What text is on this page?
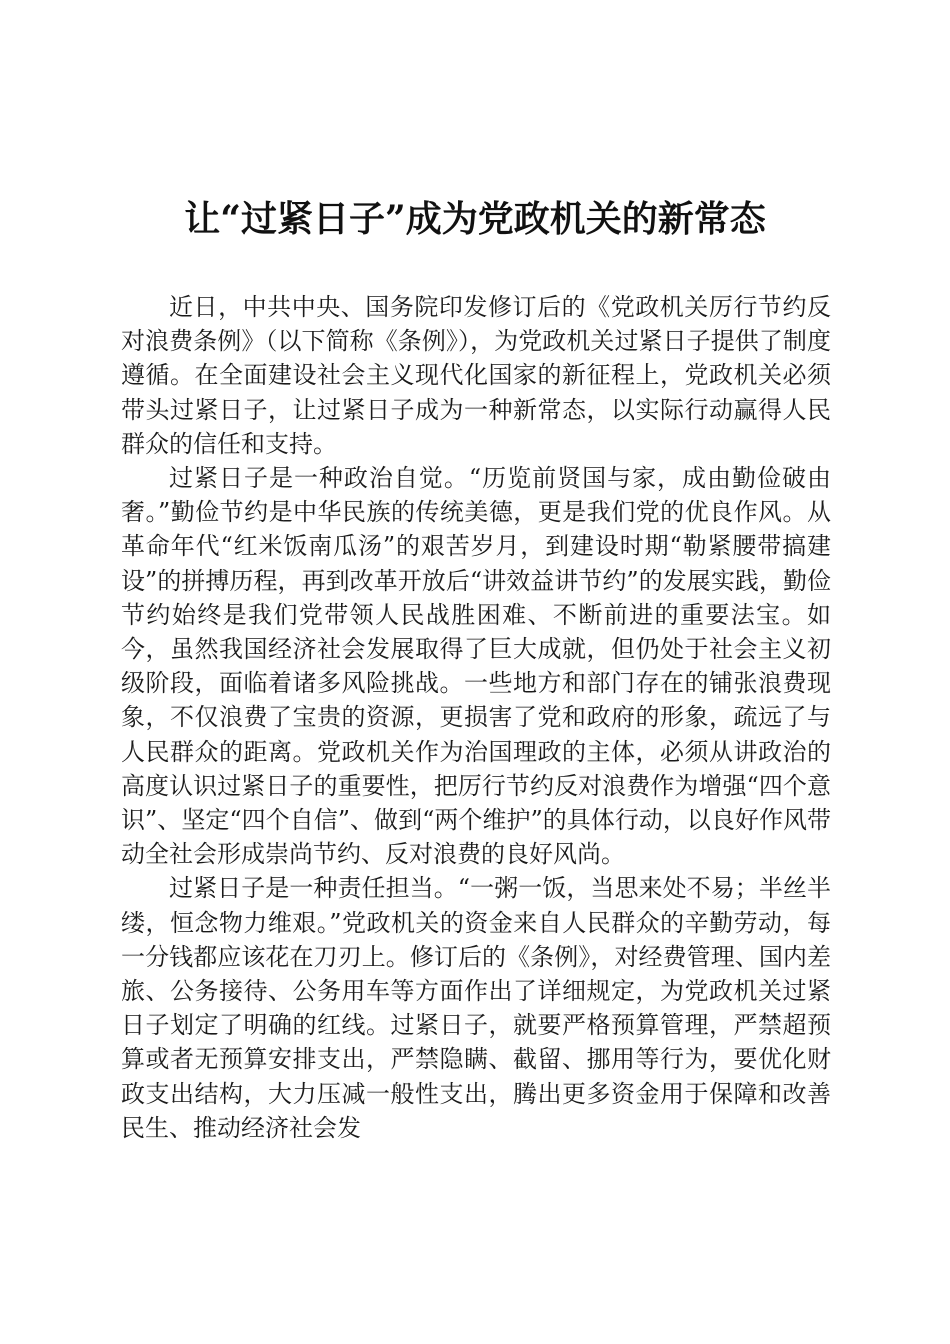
让“过紧日子”成为党政机关的新常态

近日，中共中央、国务院印发修订后的《党政机关厉行节约反对浪费条例》（以下简称《条例》），为党政机关过紧日子提供了制度遵循。在全面建设社会主义现代化国家的新征程上，党政机关必须带头过紧日子，让过紧日子成为一种新常态，以实际行动赢得人民群众的信任和支持。

过紧日子是一种政治自觉。“历览前贤国与家，成由勤俭破由奢。”勤俭节约是中华民族的传统美德，更是我们党的优良作风。从革命年代“红米饭南瓜汤”的艰苦岁月，到建设时期“勒紧腰带搞建设”的拼搏历程，再到改革开放后“讲效益讲节约”的发展实践，勤俭节约始终是我们党带领人民战胜困难、不断前进的重要法宝。如今，虽然我国经济社会发展取得了巨大成就，但仍处于社会主义初级阶段，面临着诸多风险挑战。一些地方和部门存在的铺张浪费现象，不仅浪费了宝贵的资源，更损害了党和政府的形象，疏远了与人民群众的距离。党政机关作为治国理政的主体，必须从讲政治的高度认识过紧日子的重要性，把厉行节约反对浪费作为增强“四个意识”、坚定“四个自信”、做到“两个维护”的具体行动，以良好作风带动全社会形成崇尚节约、反对浪费的良好风尚。

过紧日子是一种责任担当。“一粥一饭，当思来处不易；半丝半缕，恒念物力维艰。”党政机关的资金来自人民群众的辛勤劳动，每一分钱都应该花在刀刃上。修订后的《条例》，对经费管理、国内差旅、公务接待、公务用车等方面作出了详细规定，为党政机关过紧日子划定了明确的红线。过紧日子，就要严格预算管理，严禁超预算或者无预算安排支出，严禁隐瞒、截留、挪用等行为，要优化财政支出结构，大力压减一般性支出，腾出更多资金用于保障和改善民生、推动经济社会发
